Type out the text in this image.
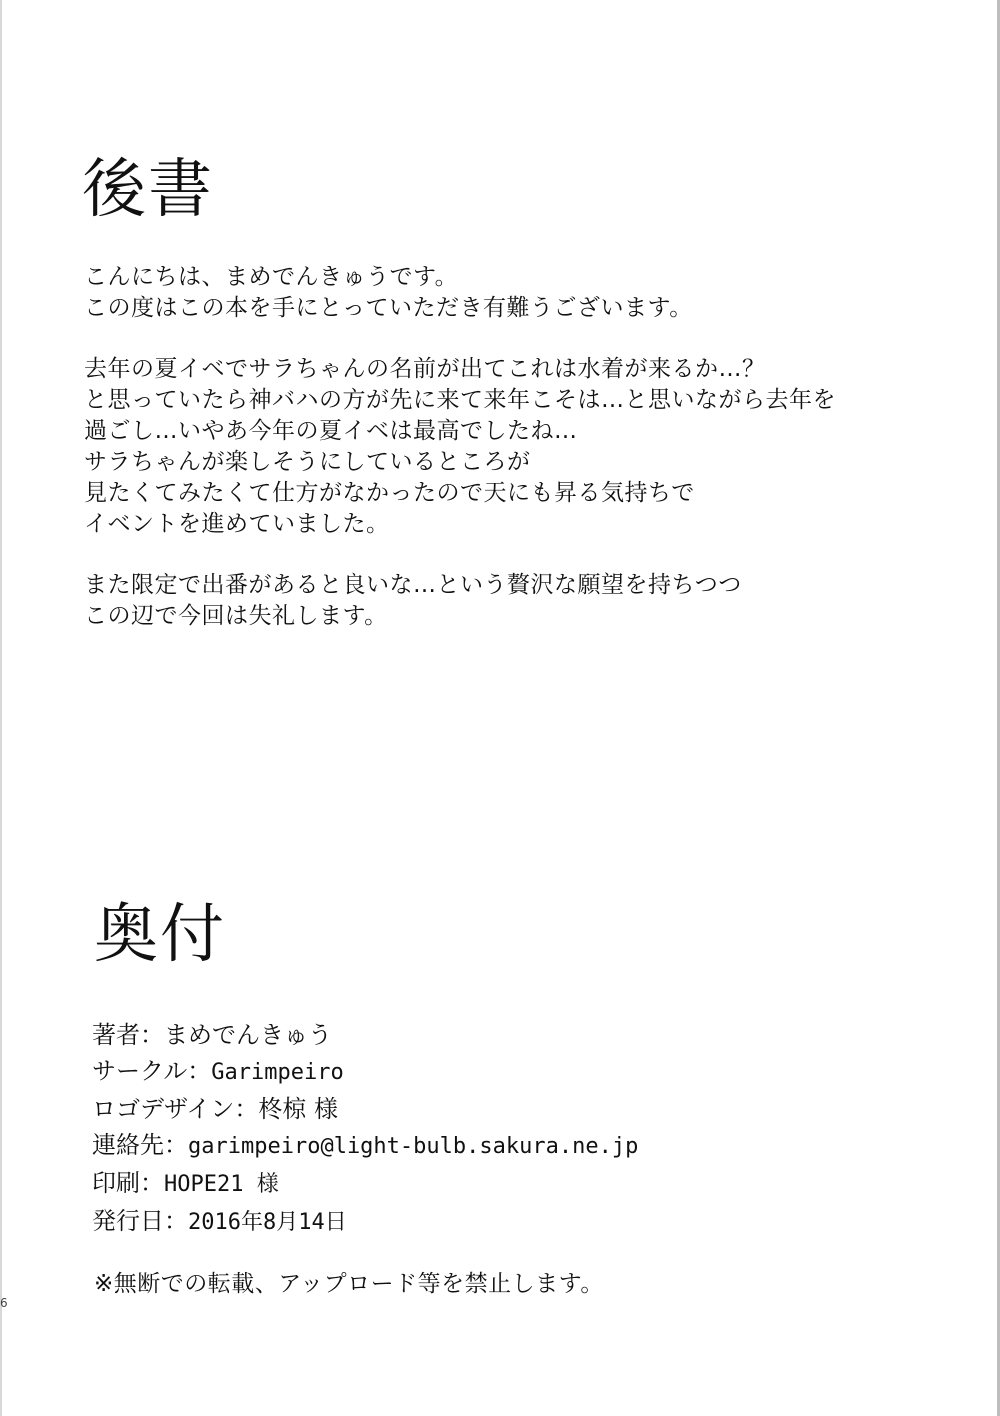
後書

こんにちは、まめでんきゅうです。
この度はこの本を手にとっていただき有難うございます。

去年の夏イベでサラちゃんの名前が出てこれは水着が来るか…？
と思っていたら神バハの方が先に来て来年こそは…と思いながら去年を
過ごし…いやあ今年の夏イベは最高でしたね…
サラちゃんが楽しそうにしているところが
見たくてみたくて仕方がなかったので天にも昇る気持ちで
イベントを進めていました。

また限定で出番があると良いな…という贅沢な願望を持ちつつ
この辺で今回は失礼します。

奥付
著者：まめでんきゅう
サークル：Garimpeiro
ロゴデザイン：柊椋 様
連絡先：garimpeiro@light-bulb.sakura.ne.jp
印刷：HOPE21 様
発行日：2016年8月14日
※無断での転載、アップロード等を禁止します。
6
